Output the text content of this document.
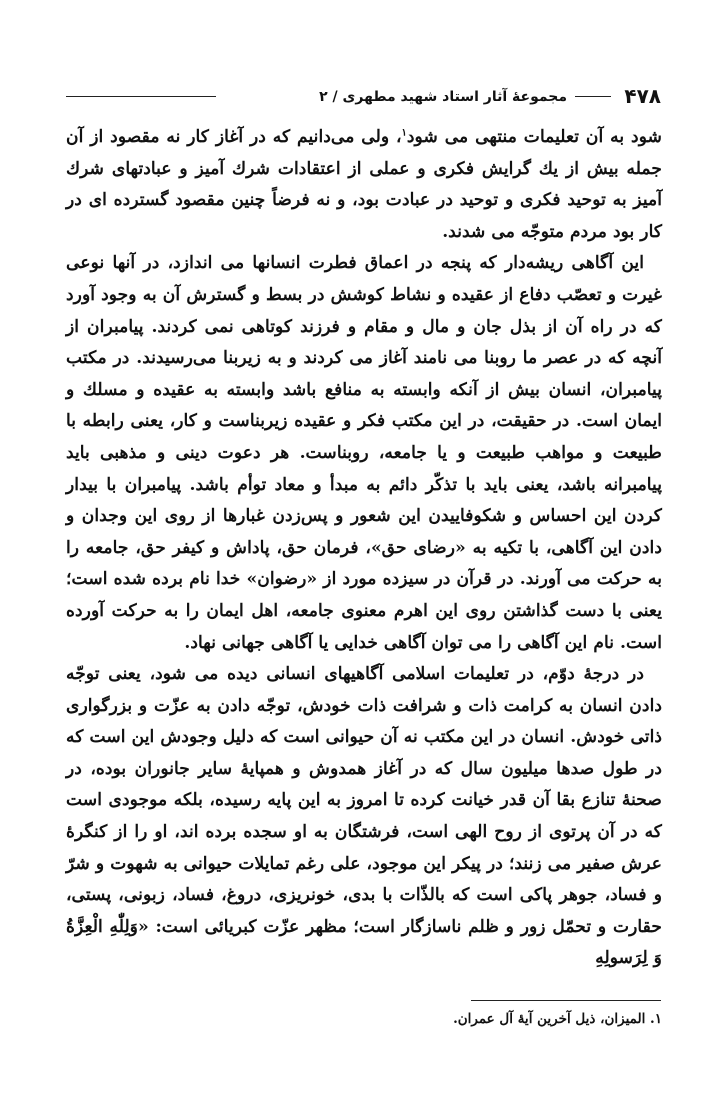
۴۷۸
مجموعهٔ آثار استاد شهید مطهری / ۲

شود به آن تعلیمات منتهی می شود$^۱$، ولی می‌دانیم که در آغاز کار نه مقصود از آن جمله بیش از یك گرایش فکری و عملی از اعتقادات شرك آمیز و عبادتهای شرك آمیز به توحید فکری و توحید در عبادت بود، و نه فرضاً چنین مقصود گسترده ای در کار بود مردم متوجّه می شدند.

این آگاهی ریشه‌دار که پنجه در اعماق فطرت انسانها می اندازد، در آنها نوعی غیرت و تعصّب دفاع از عقیده و نشاط کوشش در بسط و گسترش آن به وجود آورد که در راه آن از بذل جان و مال و مقام و فرزند کوتاهی نمی کردند. پیامبران از آنچه که در عصر ما روبنا می نامند آغاز می کردند و به زیربنا می‌رسیدند. در مکتب پیامبران، انسان بیش از آنکه وابسته به منافع باشد وابسته به عقیده و مسلك و ایمان است. در حقیقت، در این مکتب فکر و عقیده زیربناست و کار، یعنی رابطه با طبیعت و مواهب طبیعت و یا جامعه، روبناست. هر دعوت دینی و مذهبی باید پیامبرانه باشد، یعنی باید با تذکّر دائم به مبدأ و معاد توأم باشد. پیامبران با بیدار کردن این احساس و شکوفاییدن این شعور و پس‌زدن غبارها از روی این وجدان و دادن این آگاهی، با تکیه به «رضای حق»، فرمان حق، پاداش و کیفر حق، جامعه را به حرکت می آورند. در قرآن در سیزده مورد از «رضوان» خدا نام برده شده است؛ یعنی با دست گذاشتن روی این اهرم معنوی جامعه، اهل ایمان را به حرکت آورده است. نام این آگاهی را می توان آگاهی خدایی یا آگاهی جهانی نهاد.

در درجهٔ دوّم، در تعلیمات اسلامی آگاهیهای انسانی دیده می شود، یعنی توجّه دادن انسان به کرامت ذات و شرافت ذات خودش، توجّه دادن به عزّت و بزرگواری ذاتی خودش. انسان در این مکتب نه آن حیوانی است که دلیل وجودش این است که در طول صدها میلیون سال که در آغاز همدوش و همپایهٔ سایر جانوران بوده، در صحنهٔ تنازع بقا آن قدر خیانت کرده تا امروز به این پایه رسیده، بلکه موجودی است که در آن پرتوی از روح الهی است، فرشتگان به او سجده برده اند، او را از کنگرهٔ عرش صفیر می زنند؛ در پیکر این موجود، علی رغم تمایلات حیوانی به شهوت و شرّ و فساد، جوهر پاکی است که بالذّات با بدی، خونریزی، دروغ، فساد، زبونی، پستی، حقارت و تحمّل زور و ظلم ناسازگار است؛ مظهر عزّت کبریائی است: «وَلِلّٰهِ الْعِزَّةُ وَ لِرَسولِهِ

۱. المیزان، ذیل آخرین آیهٔ آل عمران.
